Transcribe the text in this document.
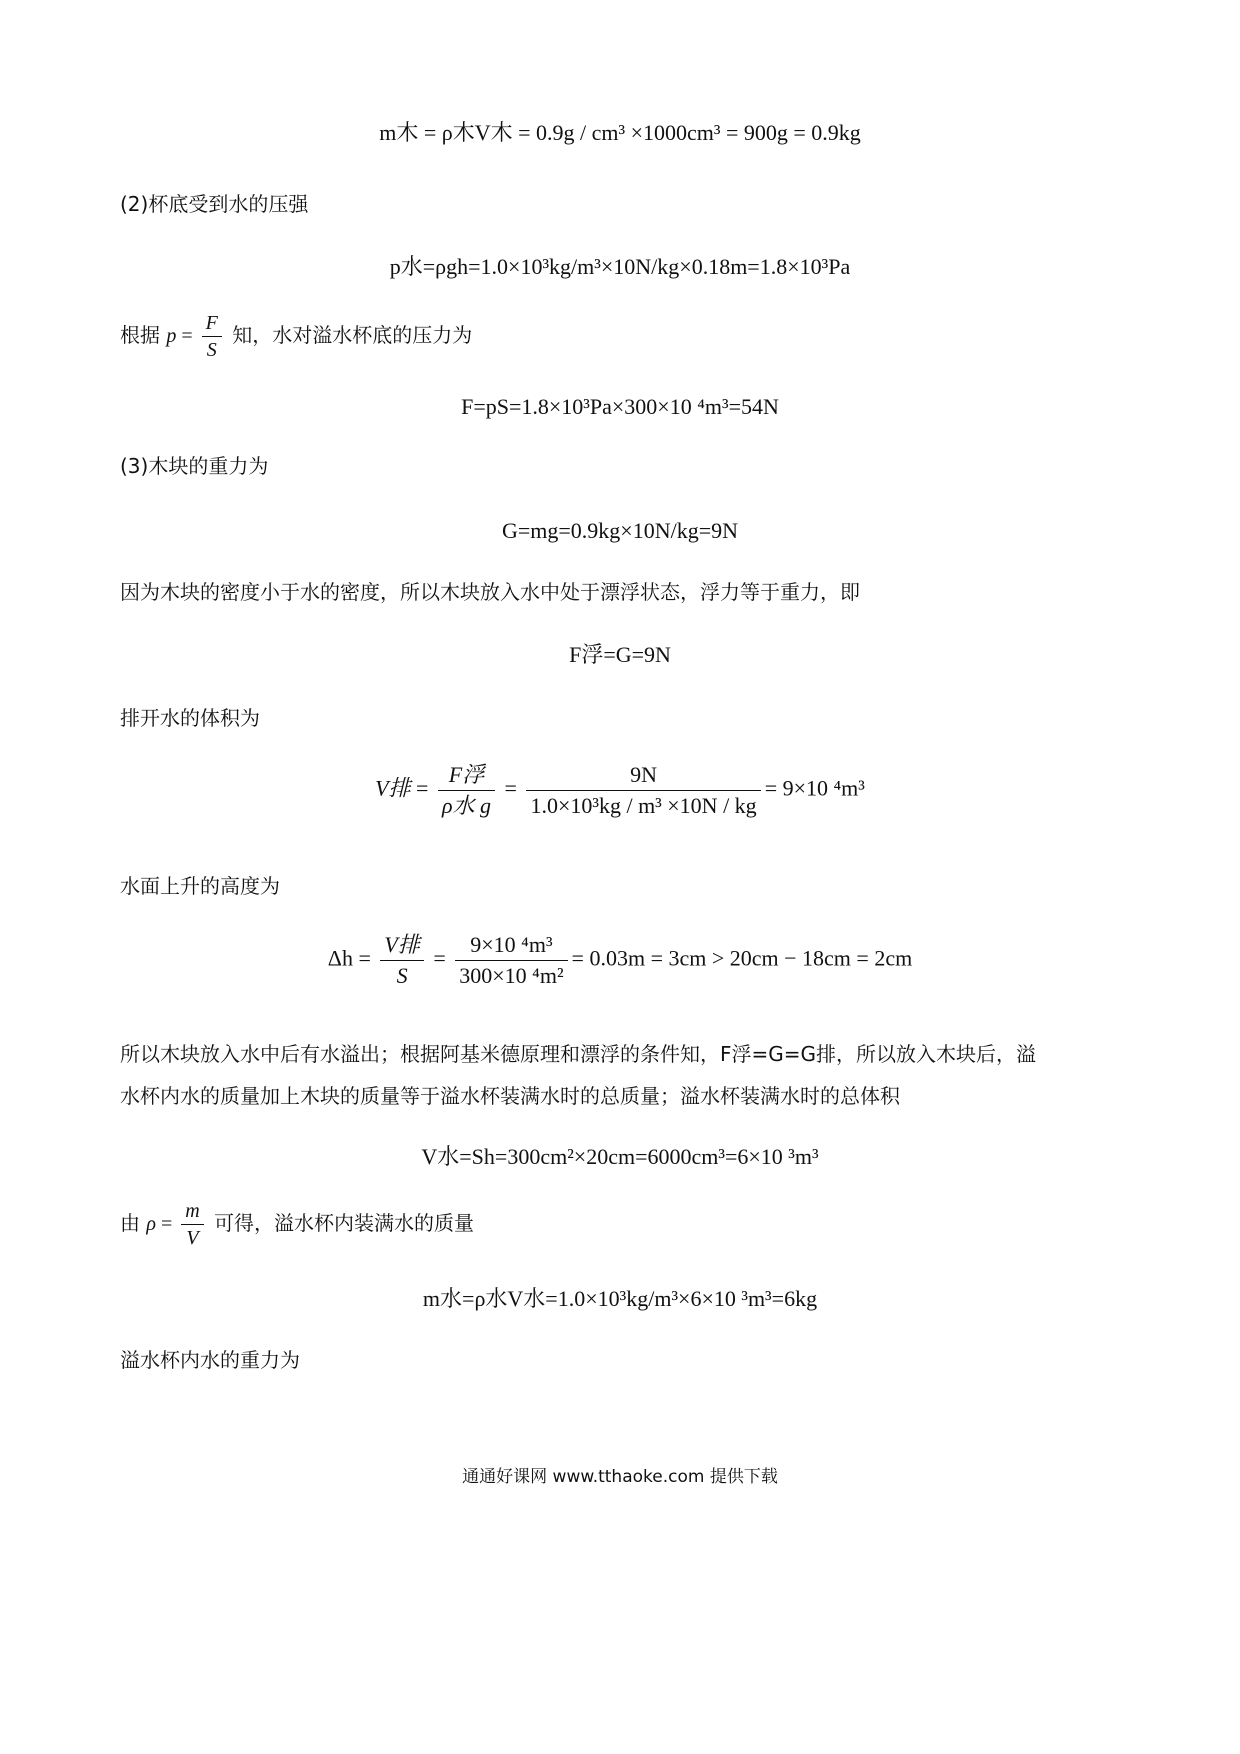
m木 = ρ木V木 = 0.9g / cm³ ×1000cm³ = 900g = 0.9kg
(2)杯底受到水的压强
p水=ρgh=1.0×10³kg/m³×10N/kg×0.18m=1.8×10³Pa
根据 $p = \frac{F}{S}$ 知，水对溢水杯底的压力为
F=pS=1.8×10³Pa×300×10 ⁴m³=54N
(3)木块的重力为
G=mg=0.9kg×10N/kg=9N
因为木块的密度小于水的密度，所以木块放入水中处于漂浮状态，浮力等于重力，即
F浮=G=9N
排开水的体积为
V排 = $\frac{\text{F浮}}{\text{ρ水 g}} = \frac{9N}{\text{1.0×10³kg / m³ ×10N / kg}} = 9\times 10$ ⁴m³
水面上升的高度为
$\Delta h = \frac{\text{V排}}{S} = \frac{\text{9×10 ⁴m³}}{\text{300×10 ⁴m²}} = 0.03m = 3cm > 20cm - 18cm = 2cm$
所以木块放入水中后有水溢出；根据阿基米德原理和漂浮的条件知，F浮=G=G排，所以放入木块后，溢
水杯内水的质量加上木块的质量等于溢水杯装满水时的总质量；溢水杯装满水时的总体积
V水=Sh=300cm²×20cm=6000cm³=6×10 ³m³
由 $\rho = \frac{m}{V}$ 可得，溢水杯内装满水的质量
m水=ρ水V水=1.0×10³kg/m³×6×10 ³m³=6kg
溢水杯内水的重力为
通通好课网 www.tthaoke.com 提供下载
